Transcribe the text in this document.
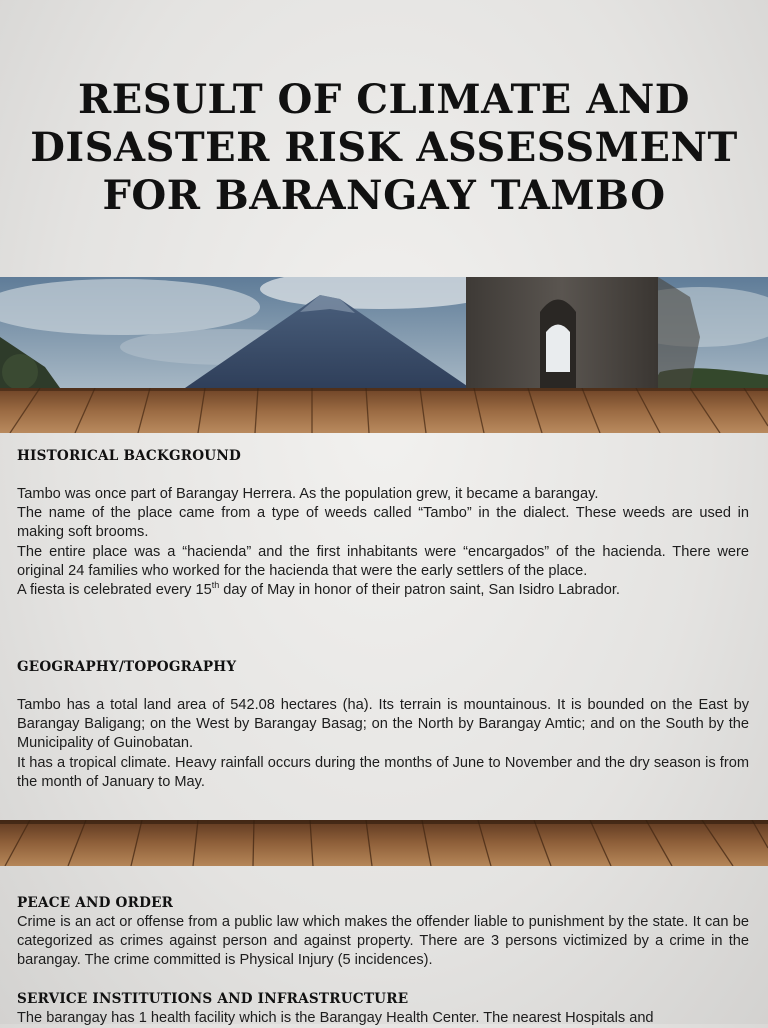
RESULT OF CLIMATE AND
DISASTER RISK ASSESSMENT
FOR BARANGAY TAMBO

HISTORICAL BACKGROUND

Tambo was once part of Barangay Herrera. As the population grew, it became a barangay.

The name of the place came from a type of weeds called “Tambo” in the dialect. These weeds are used in making soft brooms.

The entire place was a “hacienda” and the first inhabitants were “encargados” of the hacienda. There were original 24 families who worked for the hacienda that were the early settlers of the place.

A fiesta is celebrated every 15th day of May in honor of their patron saint, San Isidro Labrador.

GEOGRAPHY/TOPOGRAPHY

Tambo has a total land area of 542.08 hectares (ha). Its terrain is mountainous. It is bounded on the East by Barangay Baligang; on the West by Barangay Basag; on the North by Barangay Amtic; and on the South by the Municipality of Guinobatan.

It has a tropical climate. Heavy rainfall occurs during the months of June to November and the dry season is from the month of January to May.

PEACE AND ORDER

Crime is an act or offense from a public law which makes the offender liable to punishment by the state. It can be categorized as crimes against person and against property. There are 3 persons victimized by a crime in the barangay. The crime committed is Physical Injury (5 incidences).

SERVICE INSTITUTIONS AND INFRASTRUCTURE

The barangay has 1 health facility which is the Barangay Health Center. The nearest Hospitals and
